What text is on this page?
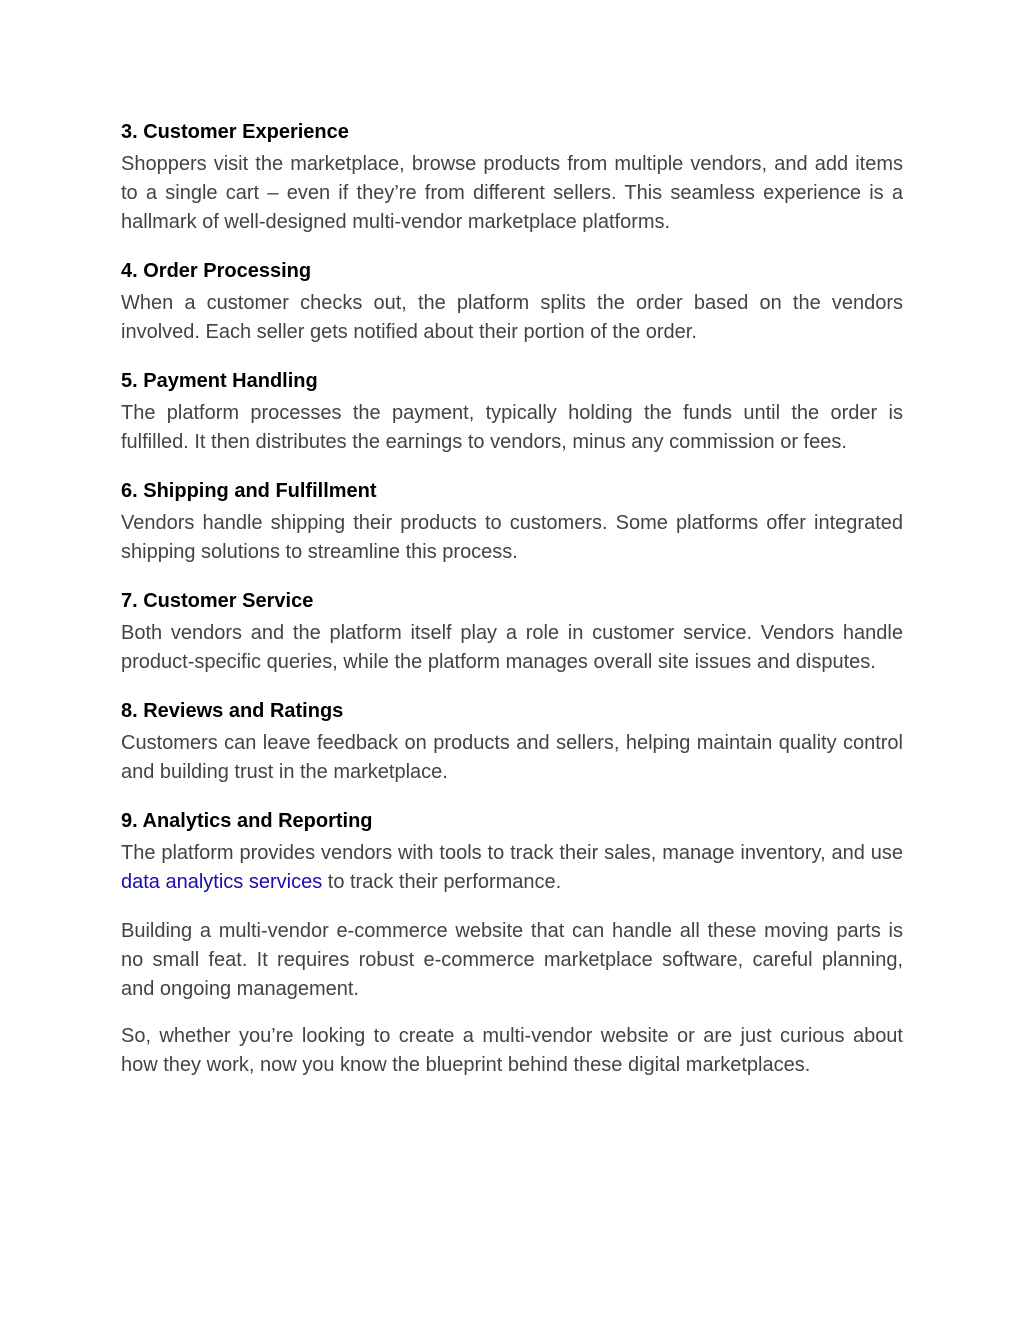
3. Customer Experience

Shoppers visit the marketplace, browse products from multiple vendors, and add items to a single cart – even if they’re from different sellers. This seamless experience is a hallmark of well-designed multi-vendor marketplace platforms.

4. Order Processing

When a customer checks out, the platform splits the order based on the vendors involved. Each seller gets notified about their portion of the order.

5. Payment Handling

The platform processes the payment, typically holding the funds until the order is fulfilled. It then distributes the earnings to vendors, minus any commission or fees.

6. Shipping and Fulfillment

Vendors handle shipping their products to customers. Some platforms offer integrated shipping solutions to streamline this process.

7. Customer Service

Both vendors and the platform itself play a role in customer service. Vendors handle product-specific queries, while the platform manages overall site issues and disputes.

8. Reviews and Ratings

Customers can leave feedback on products and sellers, helping maintain quality control and building trust in the marketplace.

9. Analytics and Reporting

The platform provides vendors with tools to track their sales, manage inventory, and use data analytics services to track their performance.

Building a multi-vendor e-commerce website that can handle all these moving parts is no small feat. It requires robust e-commerce marketplace software, careful planning, and ongoing management.

So, whether you’re looking to create a multi-vendor website or are just curious about how they work, now you know the blueprint behind these digital marketplaces.
